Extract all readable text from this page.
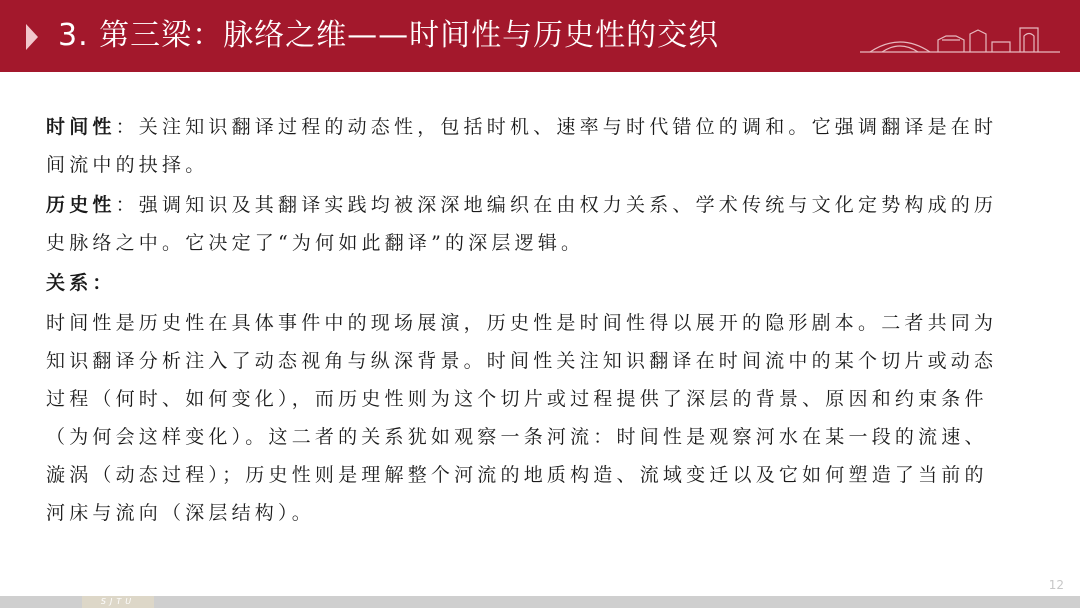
3. 第三梁：脉络之维——时间性与历史性的交织

时间性：关注知识翻译过程的动态性，包括时机、速率与时代错位的调和。它强调翻译是在时间流中的抉择。

历史性：强调知识及其翻译实践均被深深地编织在由权力关系、学术传统与文化定势构成的历史脉络之中。它决定了“为何如此翻译”的深层逻辑。

关系：

时间性是历史性在具体事件中的现场展演，历史性是时间性得以展开的隐形剧本。二者共同为知识翻译分析注入了动态视角与纵深背景。时间性关注知识翻译在时间流中的某个切片或动态过程（何时、如何变化），而历史性则为这个切片或过程提供了深层的背景、原因和约束条件（为何会这样变化）。这二者的关系犹如观察一条河流：时间性是观察河水在某一段的流速、漩涡（动态过程）；历史性则是理解整个河流的地质构造、流域变迁以及它如何塑造了当前的河床与流向（深层结构）。

12
SJTU
